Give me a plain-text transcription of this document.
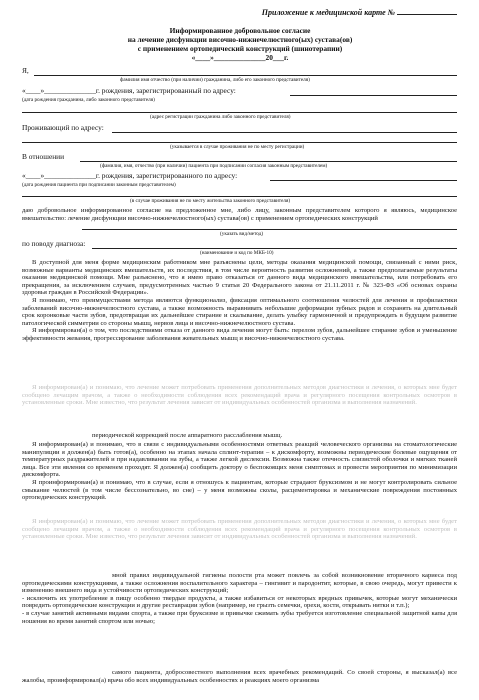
Приложение к медицинской карте №
Информированное добровольное согласие
на лечение дисфункции височно-нижнечелюстного(ых) сустава(ов)
с применением ортопедический конструкций (шинотерапии)
«____»______________20___г.
Я,
фамилия имя отчество (при наличии) гражданина, либо его законного представителя)
«____»______________г. рождения, зарегистрированный по адресу:
(дата рождения гражданина, либо законного представителя)
(адрес регистрации гражданина либо законного представителя)
Проживающий по адресу:
(указывается в случае проживания не по месту регистрации)
В отношении
(фамилия, имя, отчество (при наличии) пациента при подписании согласия законным представителем)
«____»______________г. рождения, зарегистрированного по адресу:
(дата рождения пациента при подписании законным представителем)
(в случае проживания не по месту жительства законного представителя)
даю добровольное информированное согласие на предложенное мне, либо лицу, законным представителем которого я являюсь, медицинское вмешательство: лечение дисфункции височно-нижнечелюстного(ых) сустава(ов) с применением ортопедических конструкций
(указать вид/метод)
по поводу диагноза:
(наименование и код по МКБ-10)

В доступной для меня форме медицинским работником мне разъяснены цели, методы оказания медицинской помощи, связанный с ними риск, возможные варианты медицинских вмешательств, их последствия, в том числе вероятность развития осложнений, а также предполагаемые результаты оказания медицинской помощи. Мне разъяснено, что я имею право отказаться от данного вида медицинского вмешательства, или потребовать его прекращения, за исключением случаев, предусмотренных частью 9 статьи 20 Федерального закона от 21.11.2011 г. № 323-ФЗ «Об основах охраны здоровья граждан в Российской Федерации».

Я понимаю, что преимуществами метода являются функционализ, фиксация оптимального соотношения челюстей для лечения и профилактики заболеваний височно-нижнечелюстного сустава, а также возможность выравнивать небольшие деформации зубных рядов и сохранять на длительный срок коронковые части зубов, предотвращая их дальнейшее стирание и скалывание, делать улыбку гармоничной и предупреждать в будущем развитие патологической симметрии со стороны мышц, нервов лица и височно-нижнечелюстного сустава.

Я информирован(а) о том, что последствиями отказа от данного вида лечения могут быть: перелом зубов, дальнейшее стирание зубов и уменьшение эффективности жевания, прогрессирование заболевания жевательных мышц и височно-нижнечелюстного сустава.

Я информирован(а) и понимаю, что лечение может потребовать применения дополнительных методов диагностики и лечения, о которых мне будет сообщено лечащим врачом, а также о необходимости соблюдения всех рекомендаций врача и регулярного посещения контрольных осмотров в установленные сроки. Мне известно, что результат лечения зависит от индивидуальных особенностей организма и выполнения назначений.

периодической коррекцией после аппаратного расслабления мышц.

Я информирован(а) и понимаю, что в связи с индивидуальными особенностями ответных реакций человеческого организма на стоматологические манипуляции я должен(а) быть готов(а), особенно на этапах начала сплинт-терапии – к дискомфорту, возможны периодические болевые ощущения от температурных раздражителей и при надавливании на зубы, а также легкой дислексии. Возможна также отечность слизистой оболочки и мягких тканей лица. Все эти явления со временем проходят. Я должен(а) сообщить доктору о беспокоящих меня симптомах и провести мероприятия по минимизации дискомфорта.

Я проинформирован(а) и понимаю, что в случае, если я отношусь к пациентам, которые страдают бруксизмом и не могут контролировать сильное смыкание челюстей (в том числе бессознательно, во сне) – у меня возможны сколы, расцементировка и механические повреждения постоянных ортопедических конструкций.

Я информирован(а) и понимаю, что лечение может потребовать применения дополнительных методов диагностики и лечения, о которых мне будет сообщено лечащим врачом, а также о необходимости соблюдения всех рекомендаций врача и регулярного посещения контрольных осмотров в установленные сроки. Мне известно, что результат лечения зависит от индивидуальных особенностей организма и выполнения назначений.

мной правил индивидуальной гигиены полости рта может повлечь за собой возникновение вторичного кариеса под ортопедическими конструкциями, а также осложнения воспалительного характера – гингивит и пародонтит, которые, в свою очередь, могут привести к изменению внешнего вида и устойчивости ортопедических конструкций;

- исключить их употребление в пищу особенно твердые продукты, а также избавиться от некоторых вредных привычек, которые могут механически повредить ортопедические конструкции и другие реставрации зубов (например, не грызть семечки, орехи, кости, открывать нитки и т.п.);

- в случае занятий активными видами спорта, а также при бруксизме и привычке сжимать зубы требуется изготовление специальной защитной капы для ношения во время занятий спортом или ночью;

самого пациента, добросовестного выполнения всех врачебных рекомендаций. Со своей стороны, я высказал(а) все жалобы, проинформировал(а) врача обо всех индивидуальных особенностях и реакциях моего организма
